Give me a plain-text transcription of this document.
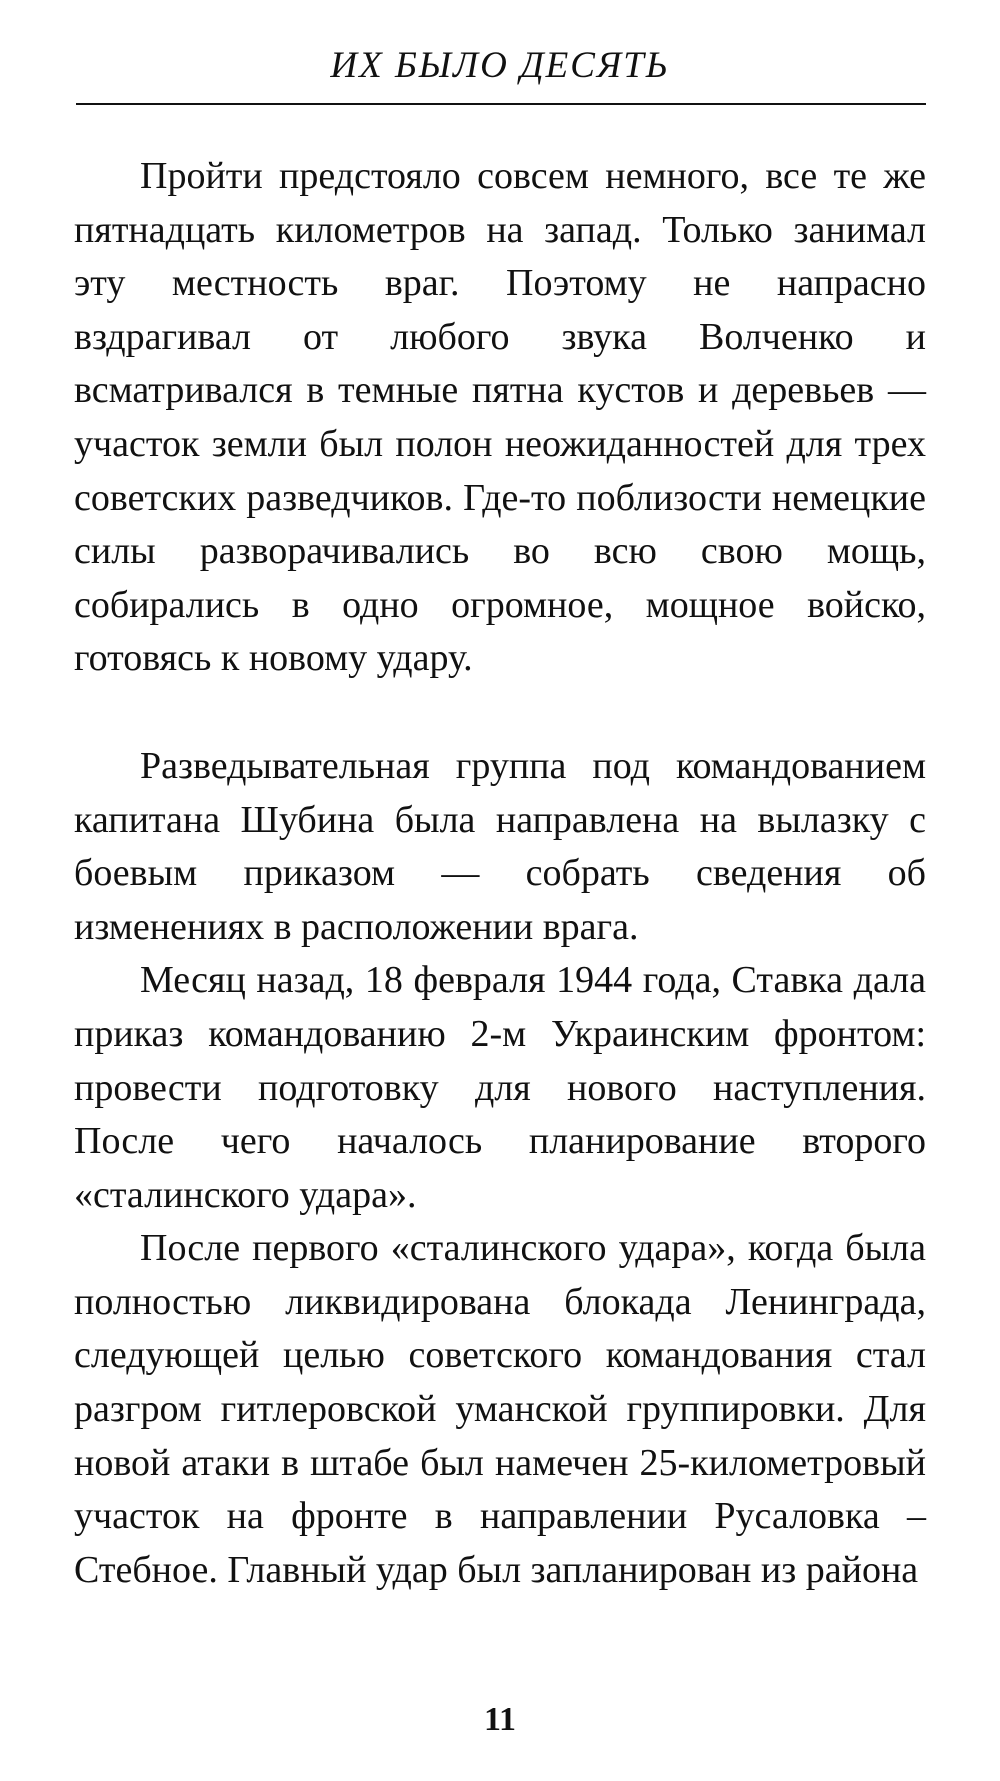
ИХ БЫЛО ДЕСЯТЬ

Пройти предстояло совсем немного, все те же пятнадцать километров на запад. Только занимал эту местность враг. Поэтому не напрасно вздрагивал от любого звука Волченко и всматривался в темные пятна кустов и деревьев — участок земли был полон неожиданностей для трех советских разведчиков. Где-то поблизости немецкие силы разворачивались во всю свою мощь, собирались в одно огромное, мощное войско, готовясь к новому удару.

Разведывательная группа под командованием капитана Шубина была направлена на вылазку с боевым приказом — собрать сведения об изменениях в расположении врага.

Месяц назад, 18 февраля 1944 года, Ставка дала приказ командованию 2-м Украинским фронтом: провести подготовку для нового наступления. После чего началось планирование второго «сталинского удара».

После первого «сталинского удара», когда была полностью ликвидирована блокада Ленинграда, следующей целью советского командования стал разгром гитлеровской уманской группировки. Для новой атаки в штабе был намечен 25-километровый участок на фронте в направлении Русаловка – Стебное. Главный удар был запланирован из района

11
